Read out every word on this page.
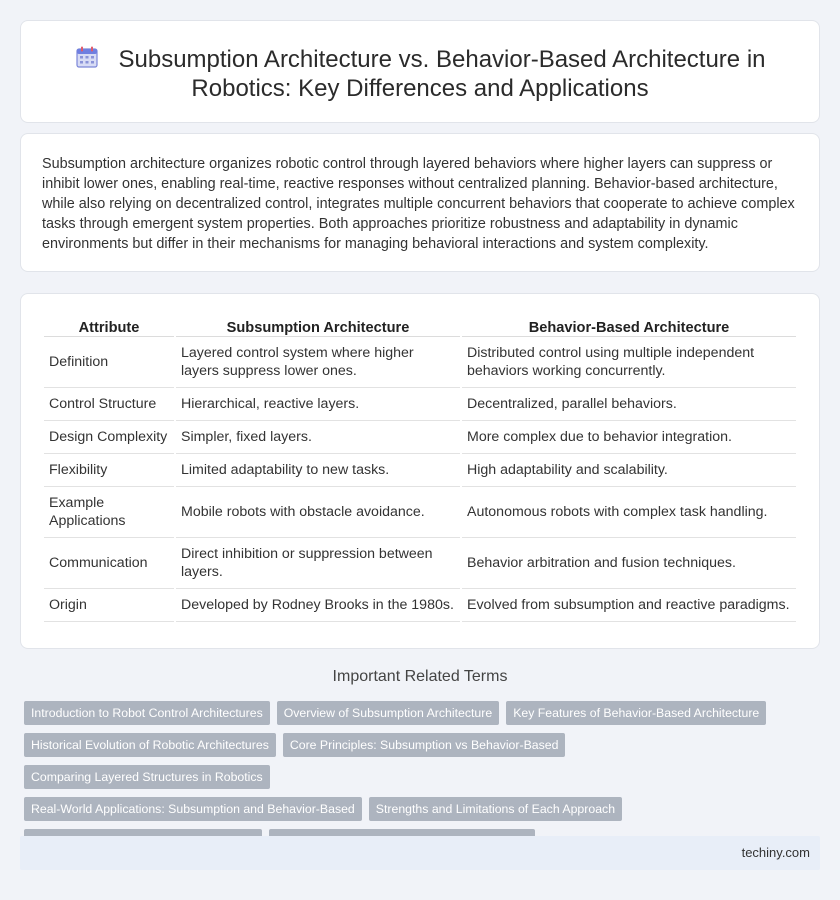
Subsumption Architecture vs. Behavior-Based Architecture in
Robotics: Key Differences and Applications

Subsumption architecture organizes robotic control through layered behaviors where higher layers can suppress or inhibit lower ones, enabling real-time, reactive responses without centralized planning. Behavior-based architecture, while also relying on decentralized control, integrates multiple concurrent behaviors that cooperate to achieve complex tasks through emergent system properties. Both approaches prioritize robustness and adaptability in dynamic environments but differ in their mechanisms for managing behavioral interactions and system complexity.

Attribute	Subsumption Architecture	Behavior-Based Architecture
Definition	Layered control system where higher layers suppress lower ones.	Distributed control using multiple independent behaviors working concurrently.
Control Structure	Hierarchical, reactive layers.	Decentralized, parallel behaviors.
Design Complexity	Simpler, fixed layers.	More complex due to behavior integration.
Flexibility	Limited adaptability to new tasks.	High adaptability and scalability.
Example Applications	Mobile robots with obstacle avoidance.	Autonomous robots with complex task handling.
Communication	Direct inhibition or suppression between layers.	Behavior arbitration and fusion techniques.
Origin	Developed by Rodney Brooks in the 1980s.	Evolved from subsumption and reactive paradigms.
Important Related Terms
Introduction to Robot Control Architectures Overview of Subsumption Architecture Key Features of Behavior-Based Architecture
Historical Evolution of Robotic Architectures Core Principles: Subsumption vs Behavior-BasedComparing Layered Structures in Robotics
Real-World Applications: Subsumption and Behavior-Based Strengths and Limitations of Each Approach

techiny.com
